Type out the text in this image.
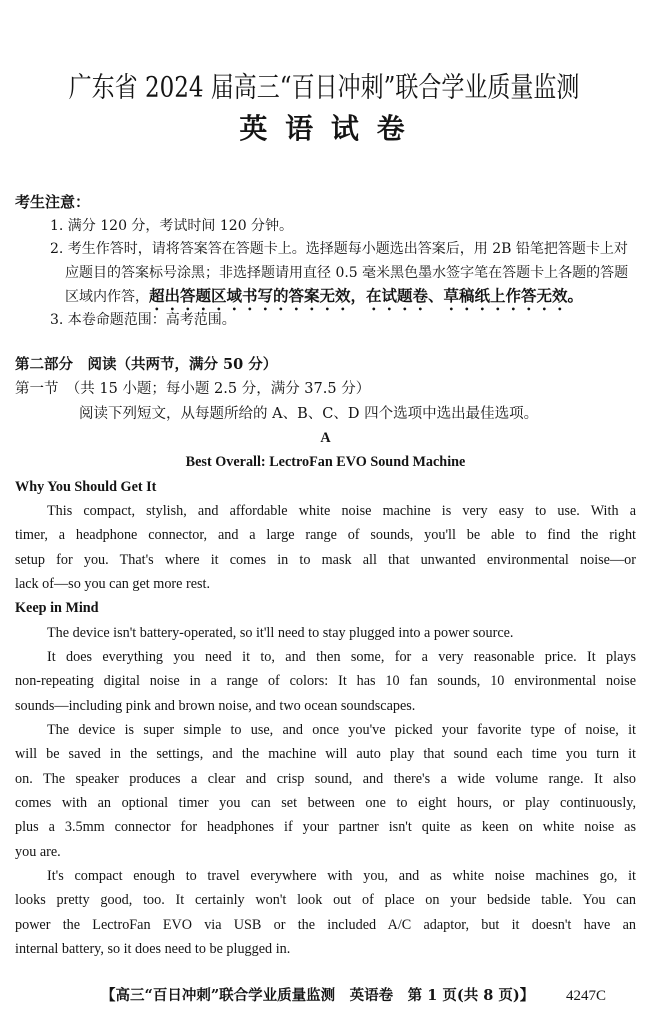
广东省 2024 届高三“百日冲刺”联合学业质量监测
英 语 试 卷
考生注意：
1. 满分 120 分，考试时间 120 分钟。
2. 考生作答时，请将答案答在答题卡上。选择题每小题选出答案后，用 2B 铅笔把答题卡上对
应题目的答案标号涂黑；非选择题请用直径 0.5 毫米黑色墨水签字笔在答题卡上各题的答题
区域内作答，超出答题区域书写的答案无效，在试题卷、草稿纸上作答无效。
3. 本卷命题范围：高考范围。
第二部分　阅读（共两节，满分 50 分）
第一节　（共 15 小题；每小题 2.5 分，满分 37.5 分）
阅读下列短文，从每题所给的 A、B、C、D 四个选项中选出最佳选项。
A
Best Overall: LectroFan EVO Sound Machine
Why You Should Get It
This compact, stylish, and affordable white noise machine is very easy to use. With a
timer, a headphone connector, and a large range of sounds, you'll be able to find the right
setup for you. That's where it comes in to mask all that unwanted environmental noise—or
lack of—so you can get more rest.
Keep in Mind
The device isn't battery-operated, so it'll need to stay plugged into a power source.
It does everything you need it to, and then some, for a very reasonable price. It plays
non-repeating digital noise in a range of colors: It has 10 fan sounds, 10 environmental noise
sounds—including pink and brown noise, and two ocean soundscapes.
The device is super simple to use, and once you've picked your favorite type of noise, it
will be saved in the settings, and the machine will auto play that sound each time you turn it
on. The speaker produces a clear and crisp sound, and there's a wide volume range. It also
comes with an optional timer you can set between one to eight hours, or play continuously,
plus a 3.5mm connector for headphones if your partner isn't quite as keen on white noise as
you are.
It's compact enough to travel everywhere with you, and as white noise machines go, it
looks pretty good, too. It certainly won't look out of place on your bedside table. You can
power the LectroFan EVO via USB or the included A/C adaptor, but it doesn't have an
internal battery, so it does need to be plugged in.
【高三“百日冲刺”联合学业质量监测　英语卷　第 1 页(共 8 页)】 4247C
